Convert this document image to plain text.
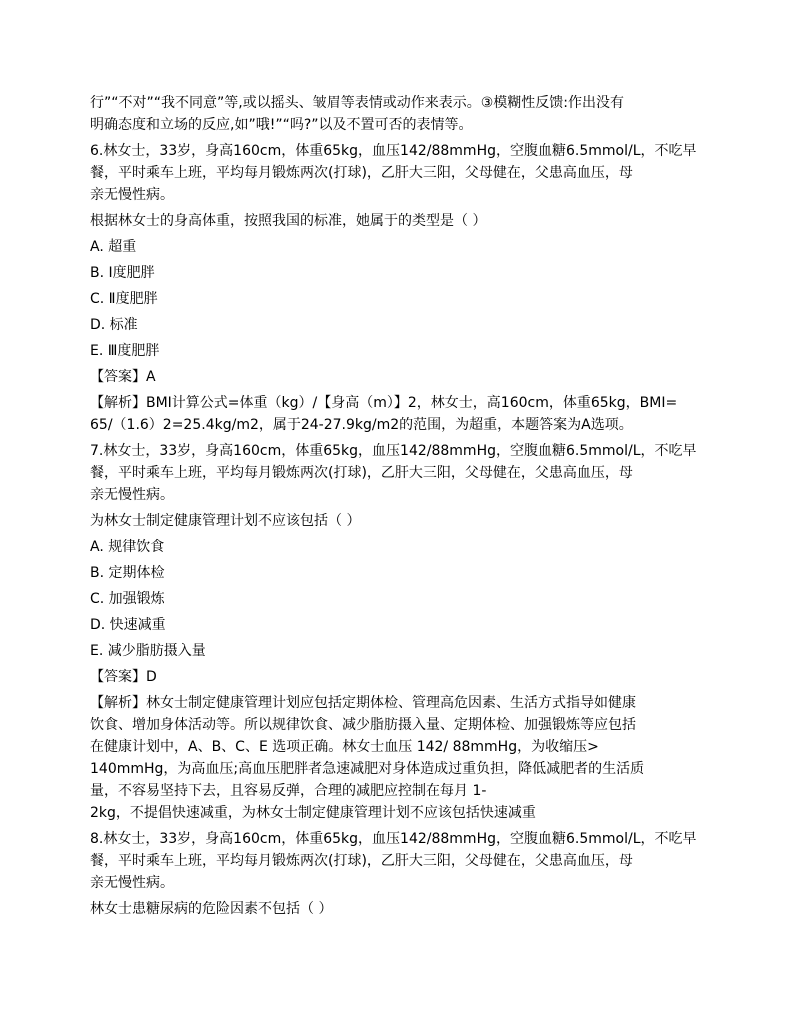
行”“不对”“我不同意”等,或以摇头、皱眉等表情或动作来表示。③模糊性反馈:作出没有

明确态度和立场的反应,如”哦!”“吗?”以及不置可否的表情等。

6.林女士，33岁，身高160cm，体重65kg，血压142/88mmHg，空腹血糖6.5mmol/L，不吃早

餐，平时乘车上班，平均每月锻炼两次(打球)，乙肝大三阳，父母健在，父患高血压，母

亲无慢性病。

根据林女士的身高体重，按照我国的标准，她属于的类型是（ ）

A. 超重

B. Ⅰ度肥胖

C. Ⅱ度肥胖

D. 标准

E. Ⅲ度肥胖

【答案】A

【解析】BMI计算公式=体重（kg）/【身高（m）】2，林女士，高160cm，体重65kg，BMI=

65/（1.6）2=25.4kg/m2，属于24-27.9kg/m2的范围，为超重，本题答案为A选项。

7.林女士，33岁，身高160cm，体重65kg，血压142/88mmHg，空腹血糖6.5mmol/L，不吃早

餐，平时乘车上班，平均每月锻炼两次(打球)，乙肝大三阳，父母健在，父患高血压，母

亲无慢性病。

为林女士制定健康管理计划不应该包括（ ）

A. 规律饮食

B. 定期体检

C. 加强锻炼

D. 快速减重

E. 减少脂肪摄入量

【答案】D

【解析】林女士制定健康管理计划应包括定期体检、管理高危因素、生活方式指导如健康

饮食、增加身体活动等。所以规律饮食、减少脂肪摄入量、定期体检、加强锻炼等应包括

在健康计划中，A、B、C、E 选项正确。林女士血压 142/ 88mmHg，为收缩压>

140mmHg，为高血压;高血压肥胖者急速减肥对身体造成过重负担，降低减肥者的生活质

量，不容易坚持下去，且容易反弹，合理的减肥应控制在每月 1-

2kg，不提倡快速减重，为林女士制定健康管理计划不应该包括快速减重

8.林女士，33岁，身高160cm，体重65kg，血压142/88mmHg，空腹血糖6.5mmol/L，不吃早

餐，平时乘车上班，平均每月锻炼两次(打球)，乙肝大三阳，父母健在，父患高血压，母

亲无慢性病。

林女士患糖尿病的危险因素不包括（ ）
